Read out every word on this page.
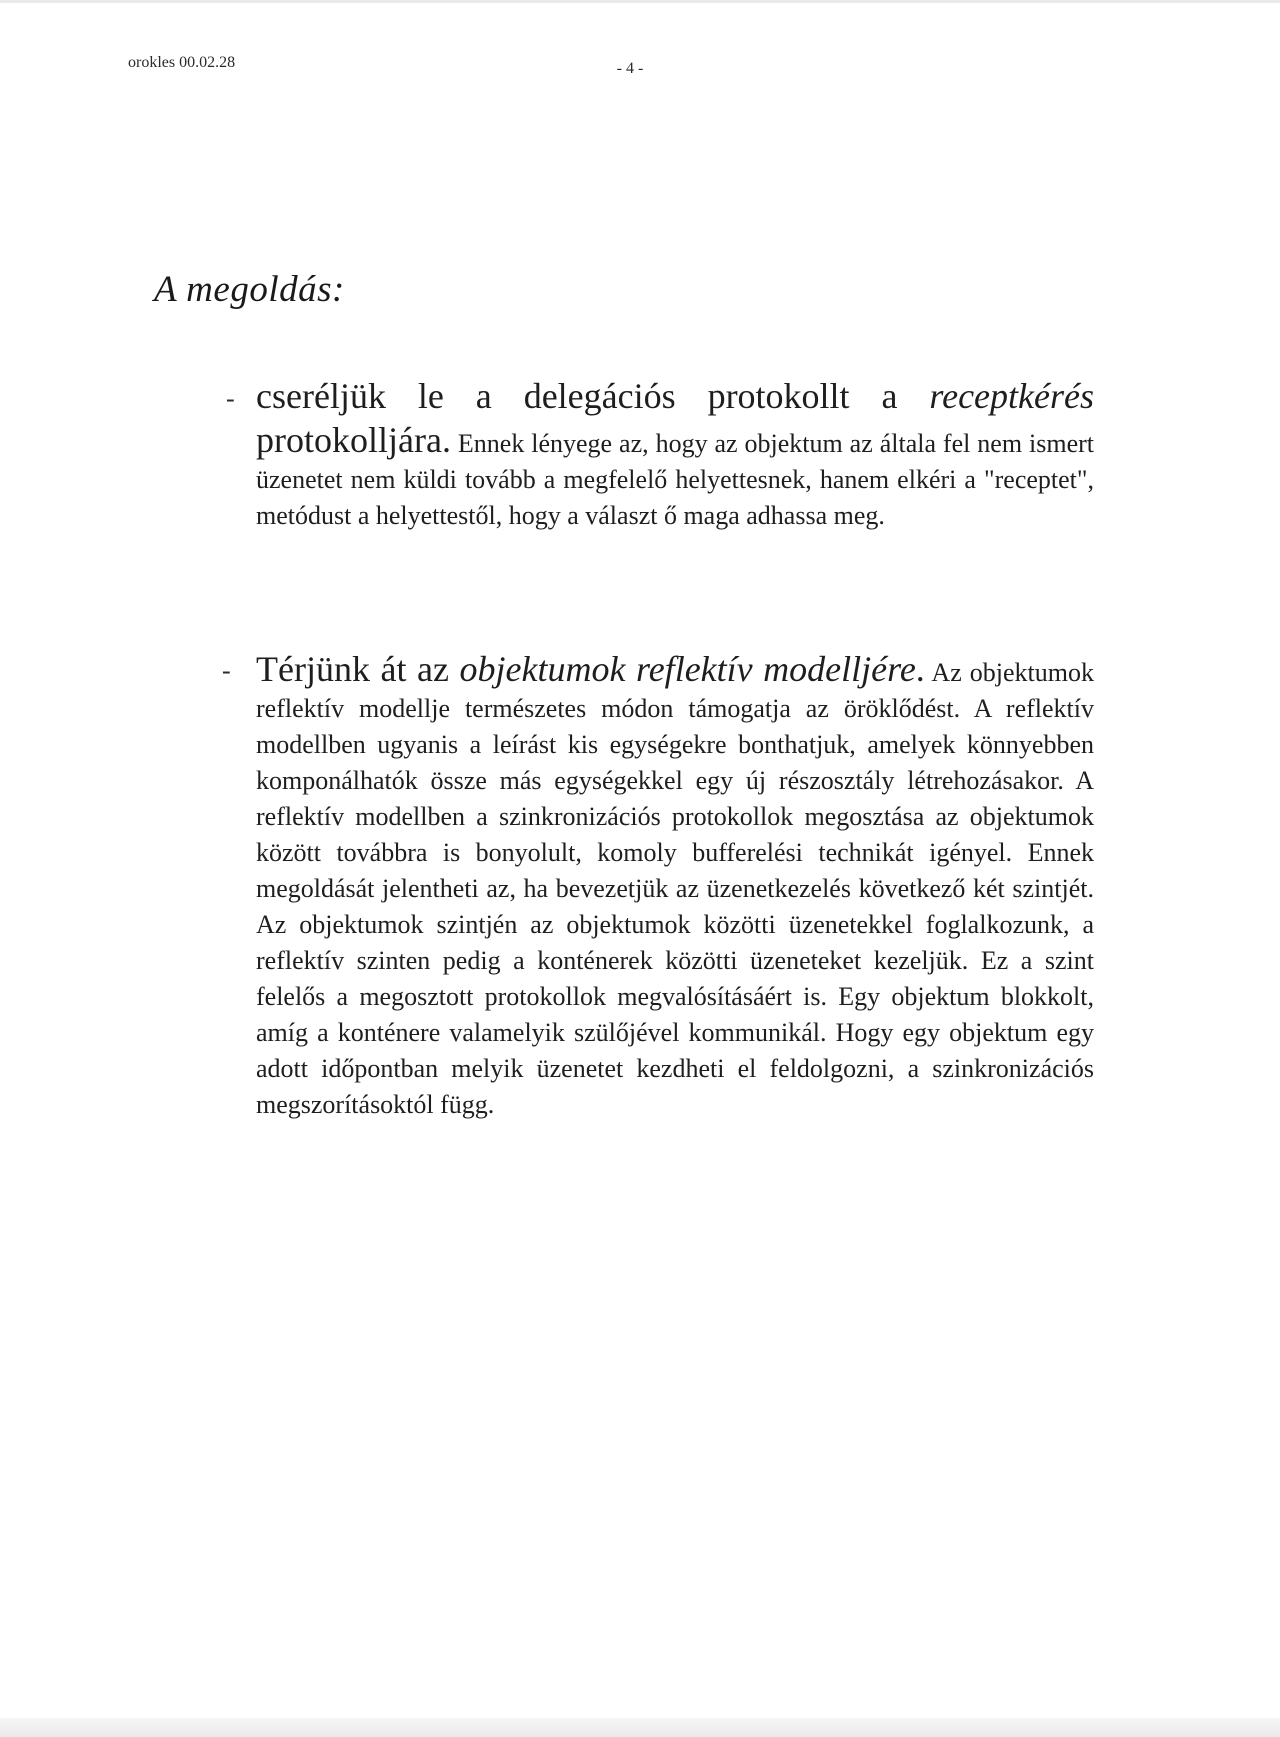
orokles 00.02.28	- 4 -
A megoldás:
- cseréljük le a delegációs protokollt a receptkérés protokolljára. Ennek lényege az, hogy az objektum az általa fel nem ismert üzenetet nem küldi tovább a megfelelő helyettesnek, hanem elkéri a "receptet", metódust a helyettestől, hogy a választ ő maga adhassa meg.
- Térjünk át az objektumok reflektív modelljére. Az objektumok reflektív modellje természetes módon támogatja az öröklődést. A reflektív modellben ugyanis a leírást kis egységekre bonthatjuk, amelyek könnyebben komponálhatók össze más egységekkel egy új részosztály létrehozásakor. A reflektív modellben a szinkronizációs protokollok megosztása az objektumok között továbbra is bonyolult, komoly bufferelési technikát igényel. Ennek megoldását jelentheti az, ha bevezetjük az üzenetkezelés következő két szintjét. Az objektumok szintjén az objektumok közötti üzenetekkel foglalkozunk, a reflektív szinten pedig a konténerek közötti üzeneteket kezeljük. Ez a szint felelős a megosztott protokollok megvalósításáért is. Egy objektum blokkolt, amíg a konténere valamelyik szülőjével kommunikál. Hogy egy objektum egy adott időpontban melyik üzenetet kezdheti el feldolgozni, a szinkronizációs megszorításoktól függ.
